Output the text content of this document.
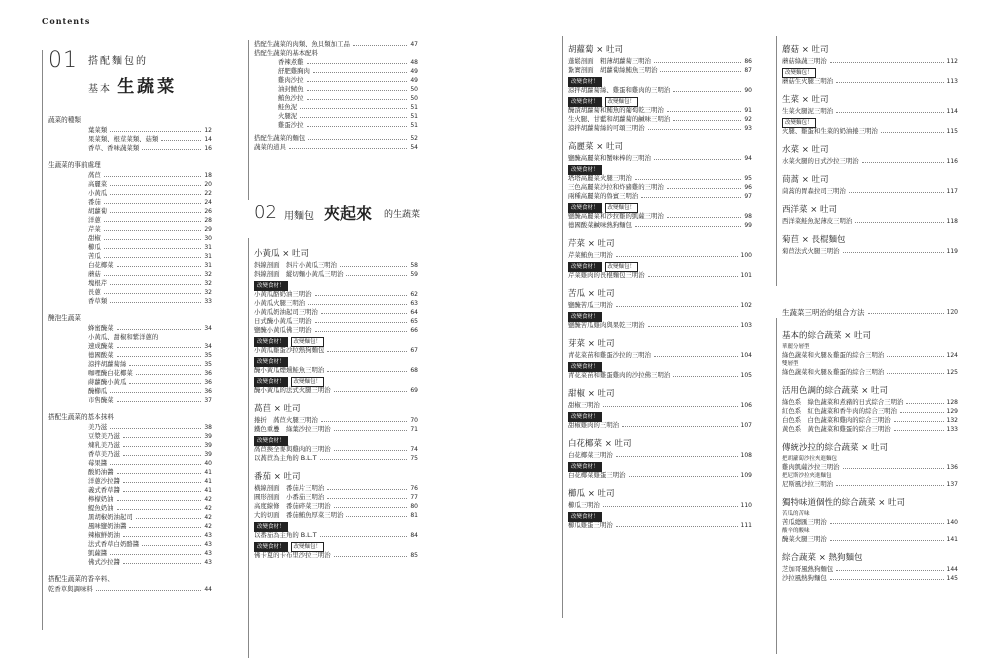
Contents
01 搭配麵包的
基本 生蔬菜
蔬菜的種類
葉菜類	12
果菜類、根莖菜類、菇類	14
香草、香味蔬菜類	16
生蔬菜的事前處理
萵苣	18
高麗菜	20
小黃瓜	22
番茄	24
胡蘿蔔	26
洋蔥	28
芹菜	29
甜椒	30
櫛瓜	31
苦瓜	31
白花椰菜	31
蘑菇	32
塊根芹	32
長蔥	32
香草類	33
醃泡生蔬菜
蜂蜜醃菜	34
小黃瓜、甜椒和紫洋蔥的
速成醃菜	34
德國酸菜	35
涼拌胡蘿蔔絲	35
咖哩醃白花椰菜	36
蒔蘿醃小黃瓜	36
醃櫛瓜	36
市售醃菜	37
搭配生蔬菜的基本抹料
美乃滋	38
豆漿美乃滋	39
煉乳美乃滋	39
香草美乃滋	39
莓果醬	40
酸奶油醬	41
洋蔥沙拉醬	41
義式香草醬	41
檸檬奶油	42
鯷魚奶油	42
黑胡椒奶油起司	42
風味鹽奶油醬	42
辣椒鮮奶油	43
法式香草白奶酪醬	43
凱薩醬	43
佛式沙拉醬	43
搭配生蔬菜的香辛料、
乾香草與調味料	44
搭配生蔬菜的肉類、魚貝類加工品	47
搭配生蔬菜的基本配料
香辣煮雞	48
舒肥雞胸肉	49
雞肉沙拉	49
油封鯖魚	50
鮪魚沙拉	50
鮭魚泥	51
火腿泥	51
雞蛋沙拉	51
搭配生蔬菜的麵包	52
蔬菜的道具	54
02 用麵包 夾起來 的生蔬菜
小黃瓜 × 吐司
斜線剖面　斜片小黃瓜三明治	58
斜線剖面　縱切麵小黃瓜三明治	59
改變食材！
小黃瓜酪奶油三明治	62
小黃瓜火腿三明治	63
小黃瓜奶油起司三明治	64
日式醃小黃瓜三明治	65
鹽醃小黃瓜佛三明治	66
改變食材！ 改變麵包！
小黃瓜雞蛋沙拉熱狗麵包	67
改變食材！
醃小黃瓜煙燻鮭魚三明治	68
改變食材！ 改變麵包！
醃小黃瓜的法式火腿三明治	69
萵苣 × 吐司
捲折　萵苣火腿三明治	70
鐵色重疊　綠葉沙拉三明治	71
改變食材！
萵苣換全麥與雞肉的三明治	74
以萵苣為主角的 B.L.T	75
番茄 × 吐司
橫線剖面　番茄片三明治	76
圓形剖面　小番茄三明治	77
高度線條　番茄碎菜三明治	80
大的切面　番茄鮪魚厚菜三明治	81
改變食材！
以番茄為主角的 B.L.T	84
改變食材！ 改變麵包！
佛卡夏的卡布里沙拉三明治	85
胡蘿蔔 × 吐司
蓬鬆剖面　粗薄胡蘿蔔三明治	86
紮實剖面　胡蘿蔔絲鮪魚三明治	87
改變食材！
涼拌胡蘿蔔絲、雞蛋和雞肉的三明治	90
改變食材！ 改變麵包！
醃漬胡蘿蔔和鮪魚的葡萄乾三明治	91
生火腿、甘藍和胡蘿蔔的鹹味三明治	92
涼拌胡蘿蔔絲的可頌三明治	93
高麗菜 × 吐司
鹽醃高麗菜和蟹味棒的三明治	94
改變食材！
塔塔高麗菜火腿三明治	95
三色高麗菜沙拉和炸豬雞的三明治	96
兩種高麗菜的魯賓三明治	97
改變食材！ 改變麵包！
鹽醃高麗菜和沙拉雞的凱薩三明治	98
德國酸菜鹹味熱狗麵包	99
芹菜 × 吐司
芹菜鮪魚三明治	100
改變食材！ 改變麵包！
芹菜雞肉的長棍麵包三明治	101
苦瓜 × 吐司
鹽醃苦瓜三明治	102
改變食材！
鹽醃苦瓜雞肉與果乾三明治	103
芽菜 × 吐司
青花菜苗和雞蛋沙拉的三明治	104
改變食材！
青花菜苗和雞蛋雞肉的沙拉佛三明治	105
甜椒 × 吐司
甜椒三明治	106
改變食材！
甜椒雞肉的三明治	107
白花椰菜 × 吐司
白花椰菜三明治	108
改變食材！
白花椰菜雞蛋三明治	109
櫛瓜 × 吐司
櫛瓜三明治	110
改變食材！
櫛瓜雞蛋三明治	111
蘑菇 × 吐司
蘑菇綠蔬三明治	112
改變麵包！
蘑菇生火腿三明治	113
生菜 × 吐司
生菜火腿泥三明治	114
改變麵包！
火腿、雞蛋和生菜的奶油捲三明治	115
水菜 × 吐司
水菜火腿的日式沙拉三明治	116
茼蒿 × 吐司
茼蒿的胃森拉司三明治	117
西洋菜 × 吐司
西洋菜鮭魚泥薄皮三明治	118
菊苣 × 長棍麵包
菊苣法式火腿三明治	119
生蔬菜三明治的組合方法	120
基本的綜合蔬菜 × 吐司
華麗分層型
綠色蔬菜和火腿＆雞蛋的綜合三明治	124
雙層型
綠色蔬菜和火腿＆雞蛋的綜合三明治	125
活用色調的綜合蔬菜 × 吐司
綠色系　綠色蔬菜和煮豬的日式綜合三明治	128
紅色系　紅色蔬菜和香牛肉的綜合三明治	129
白色系　白色蔬菜和雞肉的綜合三明治	132
黃色系　黃色蔬菜和雞蛋的綜合三明治	133
傳統沙拉的綜合蔬菜 × 吐司
把胡蘿蔔沙拉夾進麵包
雞肉凱薩沙拉三明治	136
把尼斯沙拉夾進麵包
尼斯風沙拉三明治	137
獨特味道個性的綜合蔬菜 × 吐司
苦瓜的苦味
苦瓜總匯三明治	140
酸辛的酸味
醃菜火腿三明治	141
綜合蔬菜 × 熱狗麵包
芝加哥風熱狗麵包	144
沙拉風熱狗麵包	145
